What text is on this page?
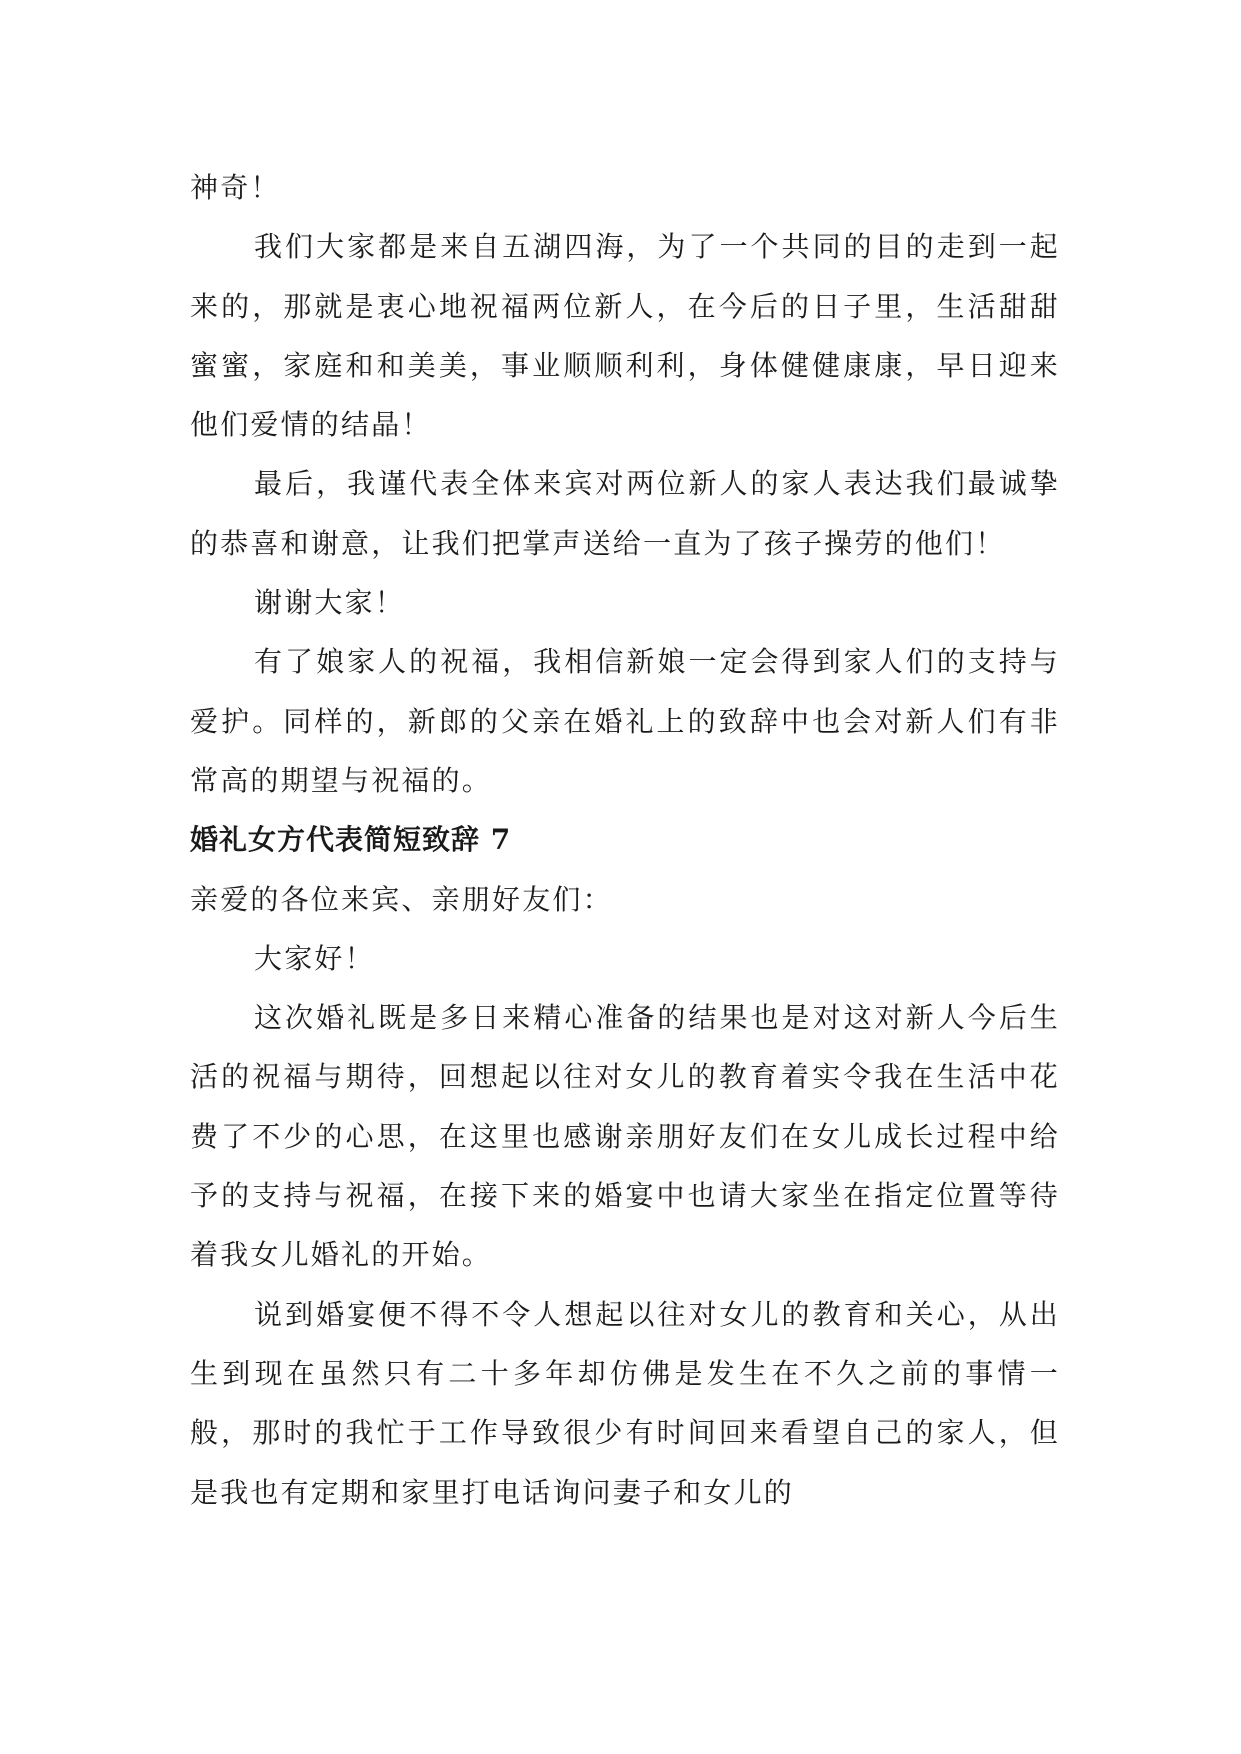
神奇！

我们大家都是来自五湖四海，为了一个共同的目的走到一起来的，那就是衷心地祝福两位新人，在今后的日子里，生活甜甜蜜蜜，家庭和和美美，事业顺顺利利，身体健健康康，早日迎来他们爱情的结晶！

最后，我谨代表全体来宾对两位新人的家人表达我们最诚挚的恭喜和谢意，让我们把掌声送给一直为了孩子操劳的他们！

谢谢大家！

有了娘家人的祝福，我相信新娘一定会得到家人们的支持与爱护。同样的，新郎的父亲在婚礼上的致辞中也会对新人们有非常高的期望与祝福的。

婚礼女方代表简短致辞 7

亲爱的各位来宾、亲朋好友们：

大家好！

这次婚礼既是多日来精心准备的结果也是对这对新人今后生活的祝福与期待，回想起以往对女儿的教育着实令我在生活中花费了不少的心思，在这里也感谢亲朋好友们在女儿成长过程中给予的支持与祝福，在接下来的婚宴中也请大家坐在指定位置等待着我女儿婚礼的开始。

说到婚宴便不得不令人想起以往对女儿的教育和关心，从出生到现在虽然只有二十多年却仿佛是发生在不久之前的事情一般，那时的我忙于工作导致很少有时间回来看望自己的家人，但是我也有定期和家里打电话询问妻子和女儿的
